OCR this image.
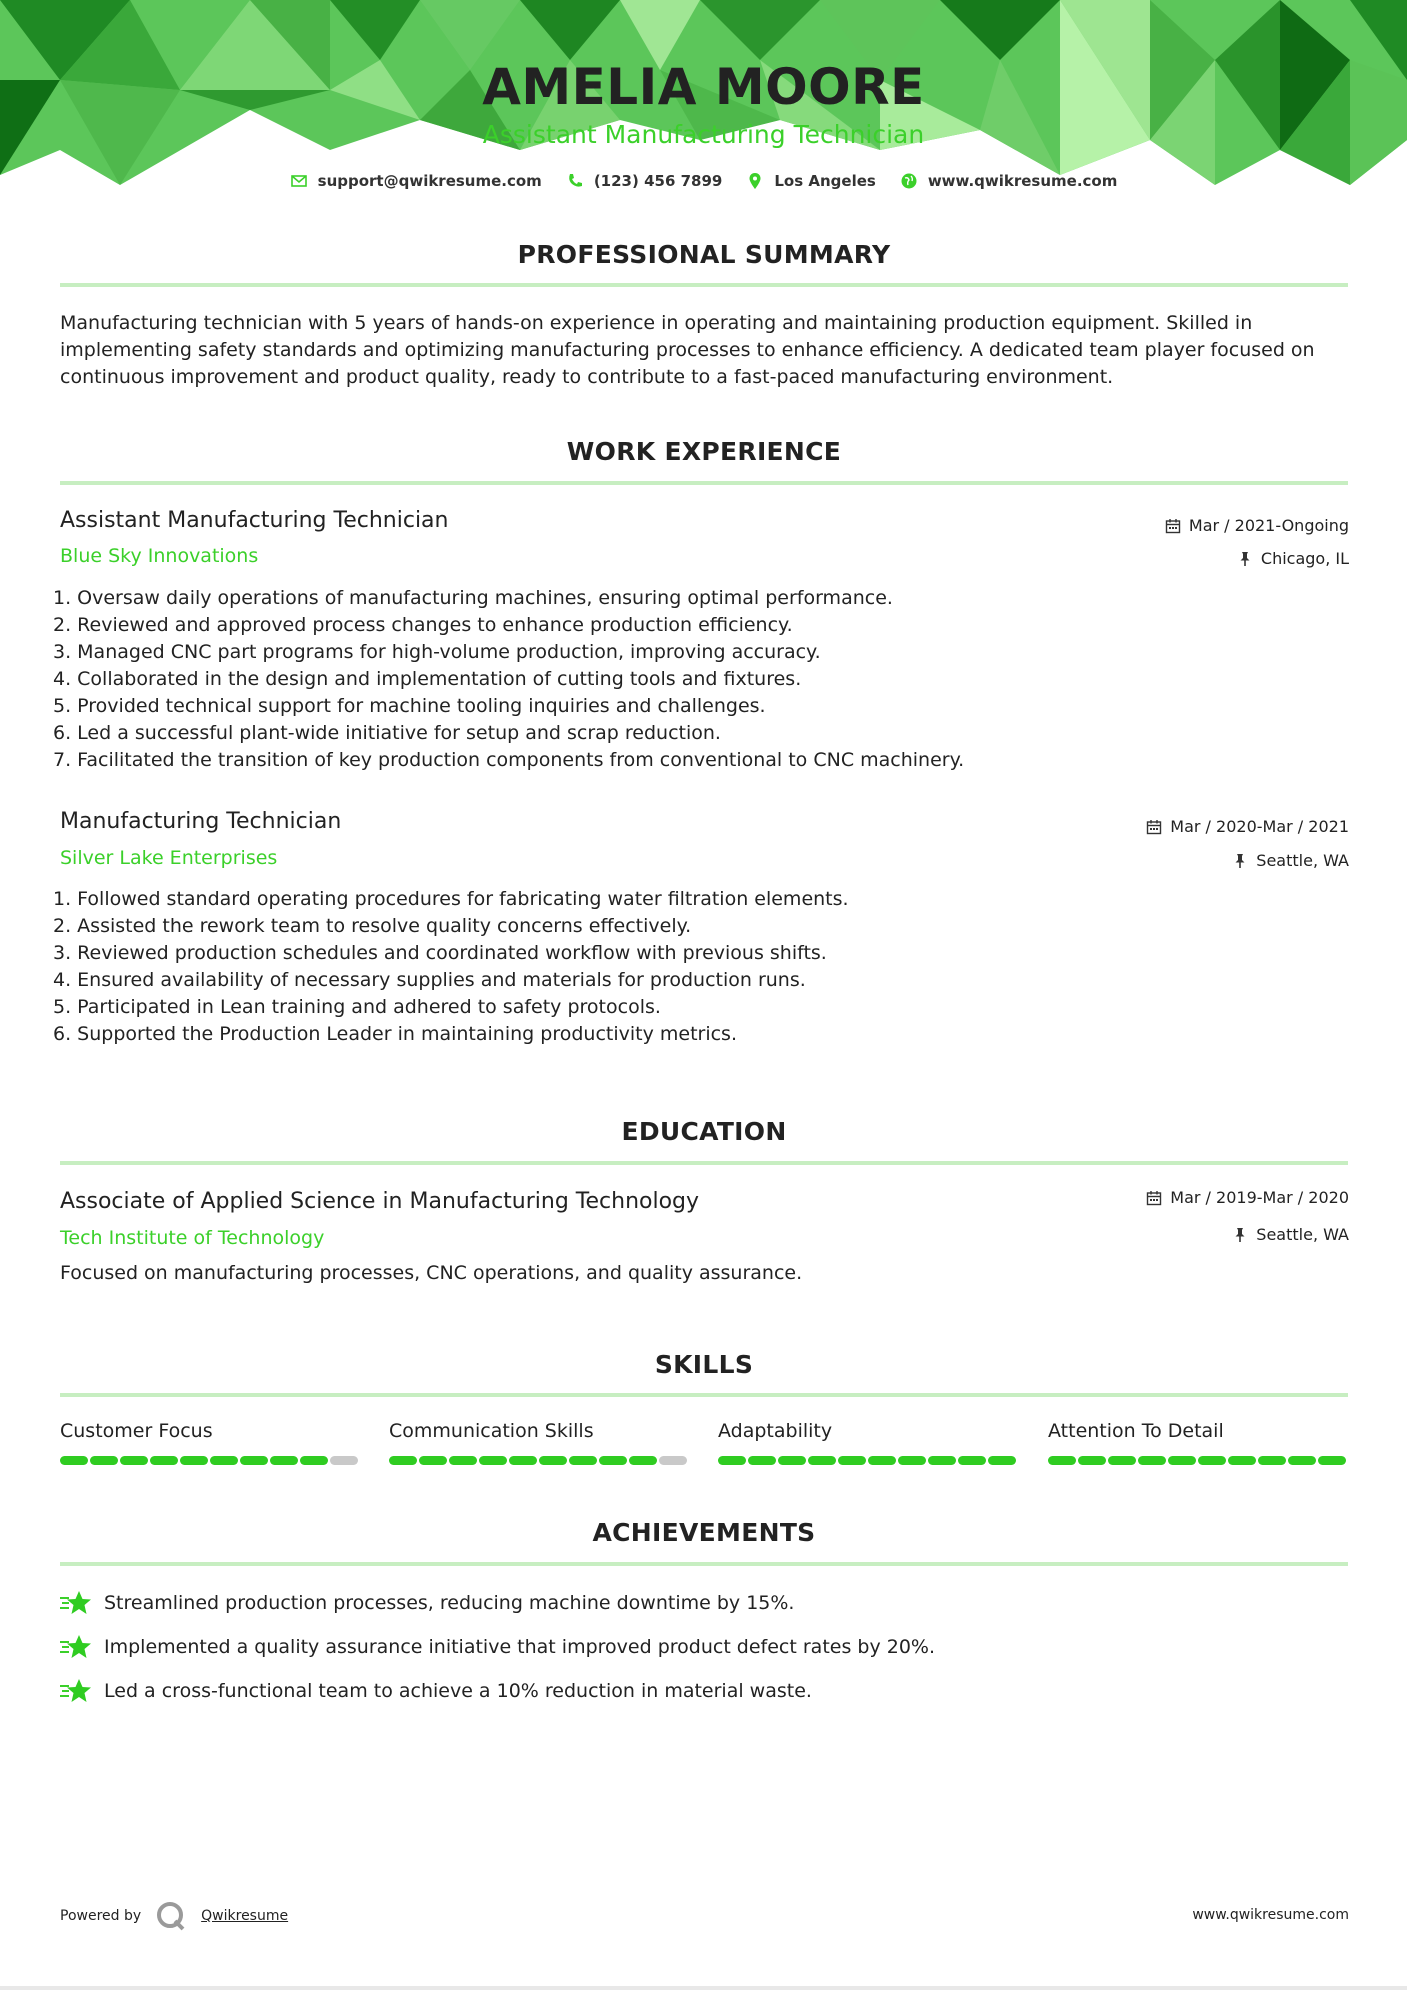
AMELIA MOORE
Assistant Manufacturing Technician
support@qwikresume.com	(123) 456 7899	Los Angeles	www.qwikresume.com
PROFESSIONAL SUMMARY
Manufacturing technician with 5 years of hands-on experience in operating and maintaining production equipment. Skilled in implementing safety standards and optimizing manufacturing processes to enhance efficiency. A dedicated team player focused on continuous improvement and product quality, ready to contribute to a fast-paced manufacturing environment.
WORK EXPERIENCE
Assistant Manufacturing Technician
Blue Sky Innovations
Mar / 2021-Ongoing
Chicago, IL
1. Oversaw daily operations of manufacturing machines, ensuring optimal performance.
2. Reviewed and approved process changes to enhance production efficiency.
3. Managed CNC part programs for high-volume production, improving accuracy.
4. Collaborated in the design and implementation of cutting tools and fixtures.
5. Provided technical support for machine tooling inquiries and challenges.
6. Led a successful plant-wide initiative for setup and scrap reduction.
7. Facilitated the transition of key production components from conventional to CNC machinery.
Manufacturing Technician
Silver Lake Enterprises
Mar / 2020-Mar / 2021
Seattle, WA
1. Followed standard operating procedures for fabricating water filtration elements.
2. Assisted the rework team to resolve quality concerns effectively.
3. Reviewed production schedules and coordinated workflow with previous shifts.
4. Ensured availability of necessary supplies and materials for production runs.
5. Participated in Lean training and adhered to safety protocols.
6. Supported the Production Leader in maintaining productivity metrics.
EDUCATION
Associate of Applied Science in Manufacturing Technology
Tech Institute of Technology
Mar / 2019-Mar / 2020
Seattle, WA
Focused on manufacturing processes, CNC operations, and quality assurance.
SKILLS
Customer Focus	Communication Skills	Adaptability	Attention To Detail
ACHIEVEMENTS
Streamlined production processes, reducing machine downtime by 15%.
Implemented a quality assurance initiative that improved product defect rates by 20%.
Led a cross-functional team to achieve a 10% reduction in material waste.
Powered by	Qwikresume	www.qwikresume.com
